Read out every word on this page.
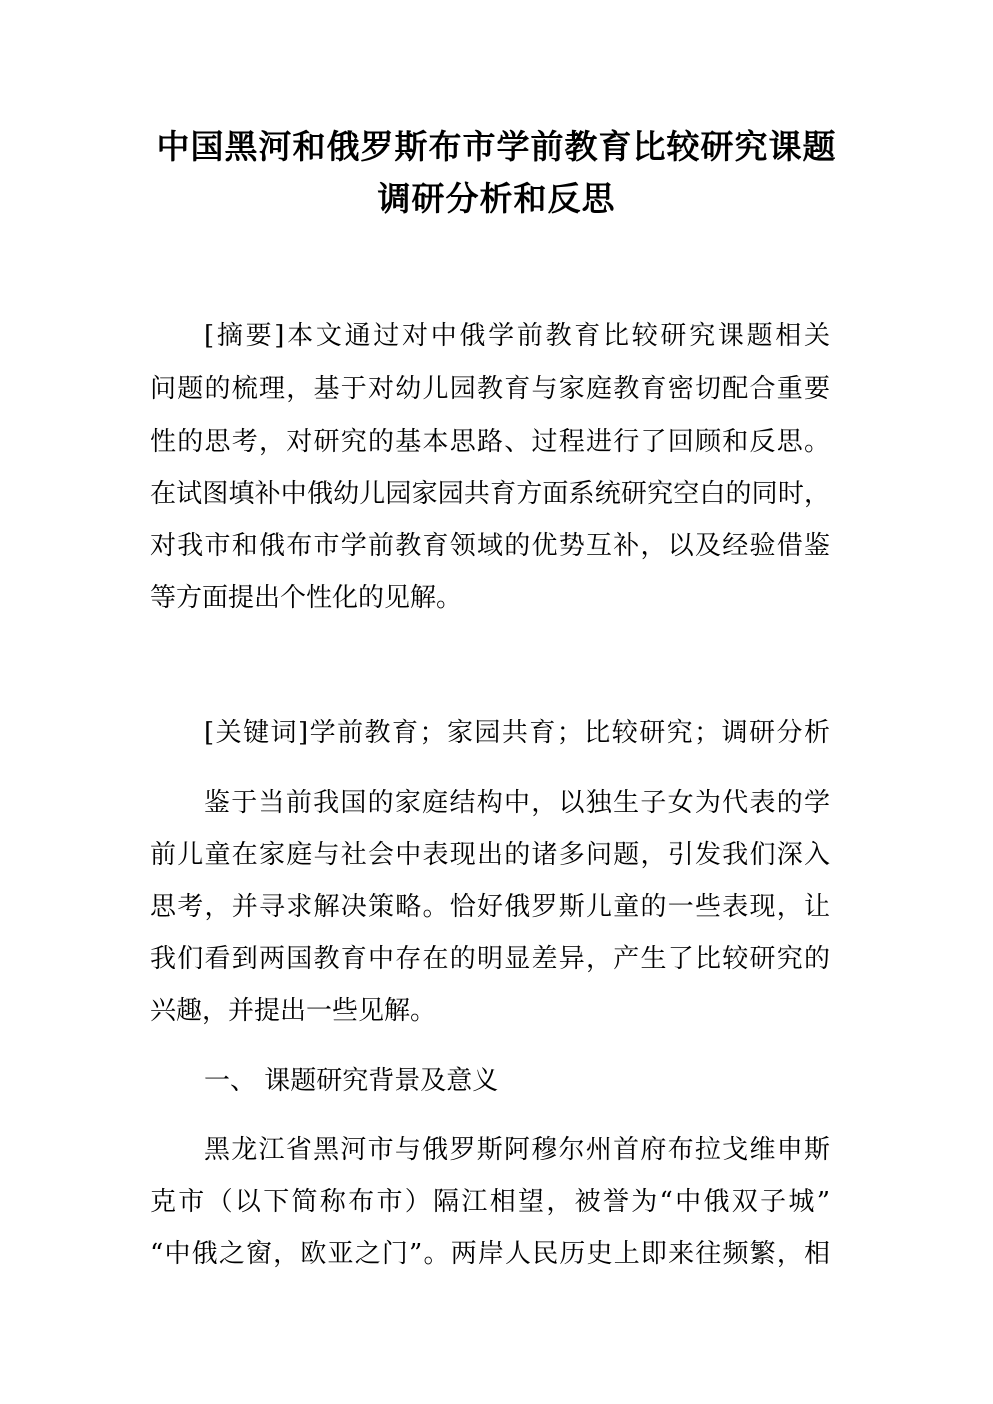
中国黑河和俄罗斯布市学前教育比较研究课题
调研分析和反思
[摘要]本文通过对中俄学前教育比较研究课题相关
问题的梳理，基于对幼儿园教育与家庭教育密切配合重要
性的思考，对研究的基本思路、过程进行了回顾和反思。
在试图填补中俄幼儿园家园共育方面系统研究空白的同时，
对我市和俄布市学前教育领域的优势互补，以及经验借鉴
等方面提出个性化的见解。
[关键词]学前教育；家园共育；比较研究；调研分析
鉴于当前我国的家庭结构中，以独生子女为代表的学
前儿童在家庭与社会中表现出的诸多问题，引发我们深入
思考，并寻求解决策略。恰好俄罗斯儿童的一些表现，让
我们看到两国教育中存在的明显差异，产生了比较研究的
兴趣，并提出一些见解。
一、 课题研究背景及意义
黑龙江省黑河市与俄罗斯阿穆尔州首府布拉戈维申斯
克市（以下简称布市）隔江相望，被誉为“中俄双子城”
“中俄之窗，欧亚之门”。两岸人民历史上即来往频繁，相
